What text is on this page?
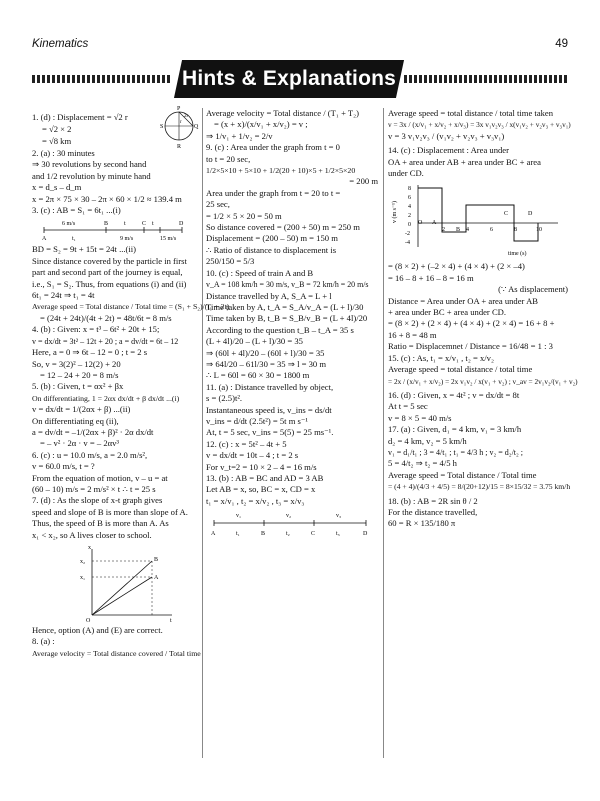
Kinematics	49
Hints & Explanations
1. (d) : Displacement = √2 r
= √2 × 2
= √8 km
P
S	Q
R
2r
r
2. (a) : 30 minutes
⇒ 30 revolutions by second hand
and 1/2 revolution by minute hand
x = d_s – d_m
x = 2π × 75 × 30 – 2π × 60 × 1/2 ≈ 139.4 m
3. (c) : AB = S₁ = 6t₁ ...(i)
6 m/s	B	t	C t	D
A	t₁	9 m/s	15 m/s
BD = S₂ = 9t + 15t = 24t ...(ii)
Since distance covered by the particle in first
part and second part of the journey is equal,
i.e., S₁ = S₂. Thus, from equations (i) and (ii)
6t₁ = 24t ⇒ t₁ = 4t
Average speed = Total distance / Total time = (S₁ + S₂)/(t₁ + 2t)
= (24t + 24t)/(4t + 2t) = 48t/6t = 8 m/s
4. (b) : Given: x = t³ – 6t² + 20t + 15;
v = dx/dt = 3t² – 12t + 20 ; a = dv/dt = 6t – 12
Here, a = 0 ⇒ 6t – 12 = 0 ; t = 2 s
So, v = 3(2)² – 12(2) + 20
= 12 – 24 + 20 = 8 m/s
5. (b) : Given, t = αx² + βx
On differentiating, 1 = 2αx dx/dt + β dx/dt ...(i)
v = dx/dt = 1/(2αx + β) ...(ii)
On differentiating eq (ii),
a = dv/dt = –1/(2αx + β)² · 2α dx/dt
= – v² · 2α · v = – 2αv³
6. (c) : u = 10.0 m/s, a = 2.0 m/s²,
v = 60.0 m/s, t = ?
From the equation of motion, v – u = at
(60 – 10) m/s = 2 m/s² × t ∴ t = 25 s
7. (d) : As the slope of x-t graph gives
speed and slope of B is more than slope of A.
Thus, the speed of B is more than A. As
x₁ < x₂, so A lives closer to school.
x
x₂
x₁
B
A
O	t
Hence, option (A) and (E) are correct.
8. (a) :
Average velocity = Total distance covered / Total time
Average velocity = Total distance / (T₁ + T₂)
= (x + x)/(x/v₁ + x/v₂) = v ;
⇒ 1/v₁ + 1/v₂ = 2/v
9. (c) : Area under the graph from t = 0
to t = 20 sec,
1/2×5×10 + 5×10 + 1/2(20 + 10)×5 + 1/2×5×20
= 200 m
Area under the graph from t = 20 to t =
25 sec,
= 1/2 × 5 × 20 = 50 m
So distance covered = (200 + 50) m = 250 m
Displacement = (200 – 50) m = 150 m
∴ Ratio of distance to displacement is
250/150 = 5/3
10. (c) : Speed of train A and B
v_A = 108 km/h = 30 m/s, v_B = 72 km/h = 20 m/s
Distance travelled by A, S_A = L + l
Time taken by A, t_A = S_A/v_A = (L + l)/30
Time taken by B, t_B = S_B/v_B = (L + 4l)/20
According to the question t_B – t_A = 35 s
(L + 4l)/20 – (L + l)/30 = 35
⇒ (60l + 4l)/20 – (60l + l)/30 = 35
⇒ 64l/20 – 61l/30 = 35 ⇒ l = 30 m
∴ L = 60l = 60 × 30 = 1800 m
11. (a) : Distance travelled by object,
s = (2.5)t².
Instantaneous speed is, v_ins = ds/dt
v_ins = d/dt (2.5t²) = 5t m s⁻¹
At, t = 5 sec, v_ins = 5(5) = 25 ms⁻¹.
12. (c) : x = 5t² – 4t + 5
v = dx/dt = 10t – 4 ; t = 2 s
For v_t=2 = 10 × 2 – 4 = 16 m/s
13. (b) : AB = BC and AD = 3 AB
Let AB = x, so, BC = x, CD = x
t₁ = x/v₁ , t₂ = x/v₂ , t₃ = x/v₃
v₁	v₂	v₃
A	t₁	B	t₂	C	t₃	D
Average speed = total distance / total time taken
v = 3x / (x/v₁ + x/v₂ + x/v₃) = 3x v₁v₂v₃ / x(v₁v₂ + v₂v₃ + v₃v₁)
v = 3 v₁v₂v₃ / (v₁v₂ + v₂v₃ + v₃v₁)
14. (c) : Displacement : Area under
OA + area under AB + area under BC + area
under CD.
v (m s⁻¹)
8
6
4
2
0
-2
-4
2	4	6	8	10
time (s)
O A
B
C	D
= (8 × 2) + (–2 × 4) + (4 × 4) + (2 × –4)
= 16 – 8 + 16 – 8 = 16 m
(∵ As displacement)
Distance = Area under OA + area under AB
+ area under BC + area under CD.
= (8 × 2) + (2 × 4) + (4 × 4) + (2 × 4) = 16 + 8 +
16 + 8 = 48 m
Ratio = Displacemnet / Distance = 16/48 = 1 : 3
15. (c) : As, t₁ = x/v₁ , t₂ = x/v₂
Average speed = total distance / total time
= 2x / (x/v₁ + x/v₂) = 2x v₁v₂ / x(v₁ + v₂) ; v_av = 2v₁v₂/(v₁ + v₂)
16. (d) : Given, x = 4t² ; v = dx/dt = 8t
At t = 5 sec
v = 8 × 5 = 40 m/s
17. (a) : Given, d₁ = 4 km, v₁ = 3 km/h
d₂ = 4 km, v₂ = 5 km/h
v₁ = d₁/t₁ ; 3 = 4/t₁ ; t₁ = 4/3 h ; v₂ = d₂/t₂ ;
5 = 4/t₂ ⇒ t₂ = 4/5 h
Average speed = Total distance / Total time
= (4 + 4)/(4/3 + 4/5) = 8/(20+12)/15 = 8×15/32 = 3.75 km/h
18. (b) : AB = 2R sin θ / 2
For the distance travelled,
60 = R × 135/180 π
